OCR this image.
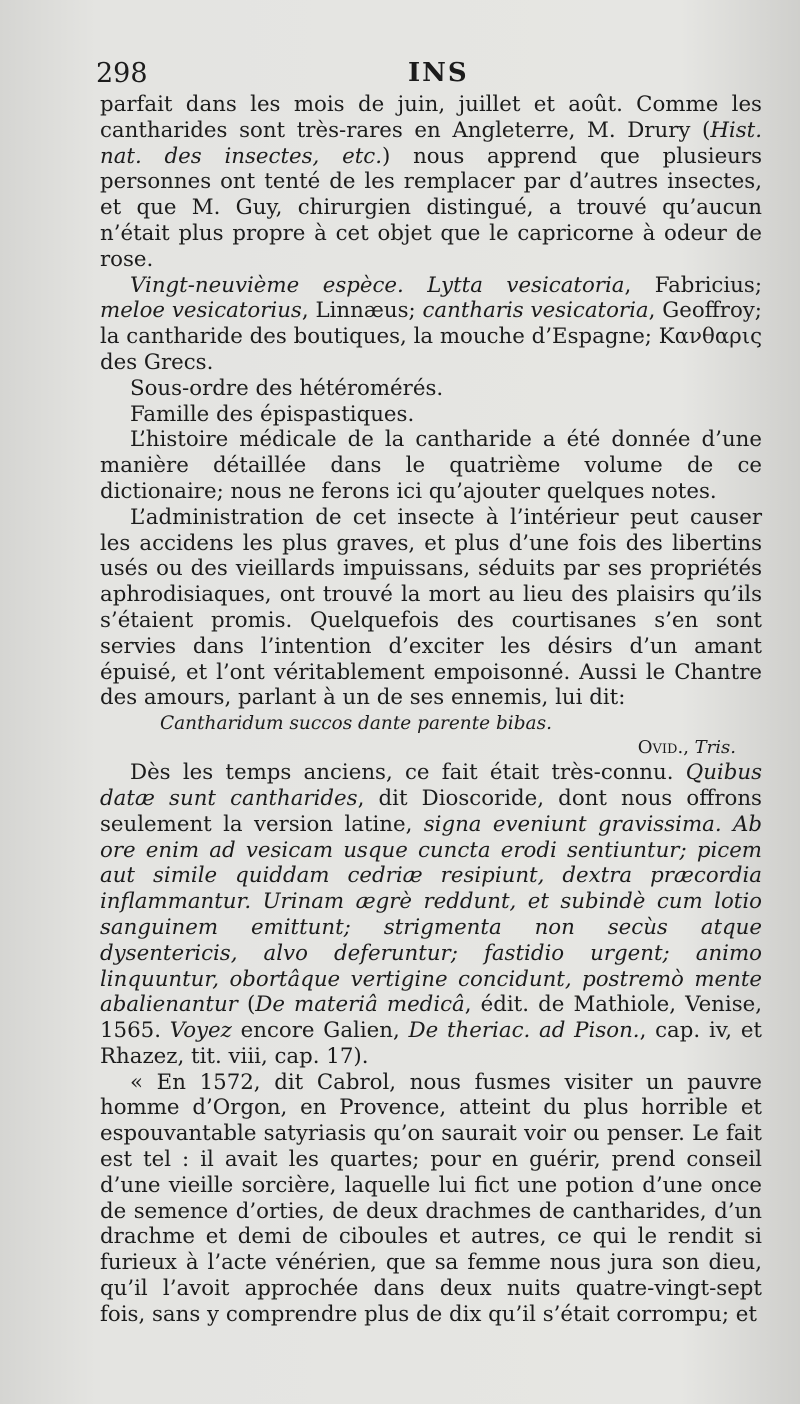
298	INS

parfait dans les mois de juin, juillet et août. Comme les cantharides sont très-rares en Angleterre, M. Drury (Hist. nat. des insectes, etc.) nous apprend que plusieurs personnes ont tenté de les remplacer par d’autres insectes, et que M. Guy, chirurgien distingué, a trouvé qu’aucun n’était plus propre à cet objet que le capricorne à odeur de rose.

Vingt-neuvième espèce. Lytta vesicatoria, Fabricius; meloe vesicatorius, Linnæus; cantharis vesicatoria, Geoffroy; la cantharide des boutiques, la mouche d’Espagne; Κανθαρις des Grecs.

Sous-ordre des hétéromérés.

Famille des épispastiques.

L’histoire médicale de la cantharide a été donnée d’une manière détaillée dans le quatrième volume de ce dictionaire; nous ne ferons ici qu’ajouter quelques notes.

L’administration de cet insecte à l’intérieur peut causer les accidens les plus graves, et plus d’une fois des libertins usés ou des vieillards impuissans, séduits par ses propriétés aphrodisiaques, ont trouvé la mort au lieu des plaisirs qu’ils s’étaient promis. Quelquefois des courtisanes s’en sont servies dans l’intention d’exciter les désirs d’un amant épuisé, et l’ont véritablement empoisonné. Aussi le Chantre des amours, parlant à un de ses ennemis, lui dit:

Cantharidum succos dante parente bibas.

Ovid., Tris.

Dès les temps anciens, ce fait était très-connu. Quibus datæ sunt cantharides, dit Dioscoride, dont nous offrons seulement la version latine, signa eveniunt gravissima. Ab ore enim ad vesicam usque cuncta erodi sentiuntur; picem aut simile quiddam cedriæ resipiunt, dextra præcordia inflammantur. Urinam ægrè reddunt, et subindè cum lotio sanguinem emittunt; strigmenta non secùs atque dysentericis, alvo deferuntur; fastidio urgent; animo linquuntur, obortâque vertigine concidunt, postremò mente abalienantur (De materiâ medicâ, édit. de Mathiole, Venise, 1565. Voyez encore Galien, De theriac. ad Pison., cap. iv, et Rhazez, tit. viii, cap. 17).

« En 1572, dit Cabrol, nous fusmes visiter un pauvre homme d’Orgon, en Provence, atteint du plus horrible et espouvantable satyriasis qu’on saurait voir ou penser. Le fait est tel : il avait les quartes; pour en guérir, prend conseil d’une vieille sorcière, laquelle lui fict une potion d’une once de semence d’orties, de deux drachmes de cantharides, d’un drachme et demi de ciboules et autres, ce qui le rendit si furieux à l’acte vénérien, que sa femme nous jura son dieu, qu’il l’avoit approchée dans deux nuits quatre-vingt-sept fois, sans y comprendre plus de dix qu’il s’était corrompu; et
